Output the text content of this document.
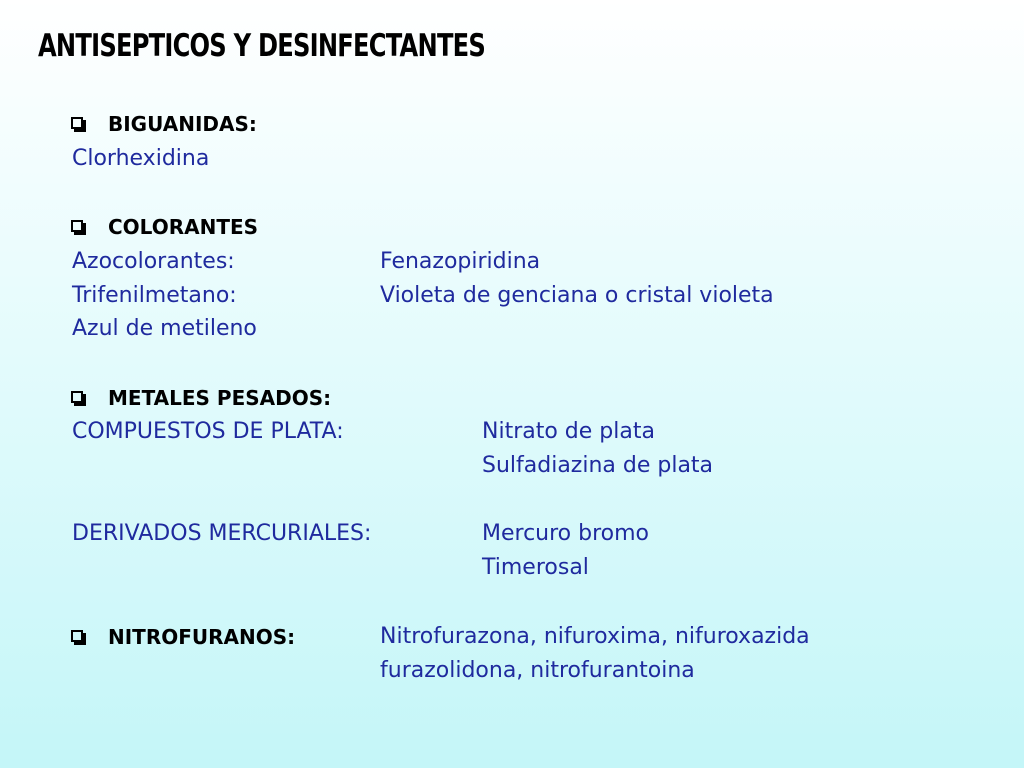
ANTISEPTICOS Y DESINFECTANTES
BIGUANIDAS:
Clorhexidina
COLORANTES
Azocolorantes:	Fenazopiridina
Trifenilmetano:	Violeta de genciana o cristal violeta
Azul de metileno
METALES PESADOS:
COMPUESTOS DE PLATA:	Nitrato de plata
Sulfadiazina de plata
DERIVADOS MERCURIALES:	Mercuro bromo
Timerosal
NITROFURANOS:	Nitrofurazona, nifuroxima, nifuroxazida
furazolidona, nitrofurantoina
